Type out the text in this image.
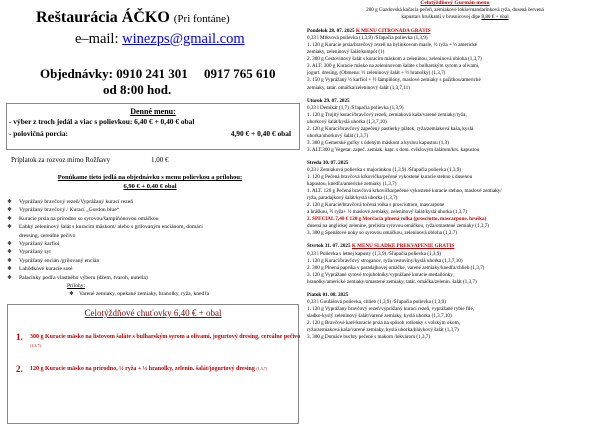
Reštaurácia ÁČKO (Pri fontáne)
e–mail: winezps@gmail.com
Objednávky: 0910 241 301     0917 765 610
od 8:00 hod.
Denné menu:
- výber z troch jedál a viac s polievkou: 6,40 € + 0,40 € obal
- polovičná porcia:	4,90 € + 0,40 € obal
Príplatok za rozvoz mimo Rožňavy	1,00 €
Ponúkame tieto jedlá na objednávku s menu polievkou a prílohou:
6,90 € + 0,40 € obal
❖ Vyprážaný bravčový rezeň/Vyprážaný kurací rezeň
❖ Vyprážaný bravčový / Kurací „Gordon blue“
❖ Kuracie prsia na prírodno so syrovou/šampiňónovou omáčkou
❖ Ľahký zeleninový šalát s kuracím mäskom/ alebo s grilovaným enciánom, domácí
dressing, cereálne pečivo
❖ Vyprážaný karfiol
❖ Vyprážaný syr
❖ Vyprážaný encián /grilovaný encián
❖ Lahôdkové kuracie soté
❖ Palacinky podľa vlastného výberu (džem, tvaroh, nutella)
Prílohy:
❖ Varené zemiaky, opekané zemiaky, hranolky, ryža, knedľa
Celotýždňové chuťovky 6,40 € + obal
1. 300 g Kuracie mäsko na listovom šaláte s bulharským syrom a olivami, jogurtový dresing, cereálne pečivo (1,3,7)
2. 120 g Kuracie mäsko na prírodno, ½ ryža + ½ hranolky, zelenin. šalát/jogurtový dresing (1,3,7)
Celotýždňový Gurmán menu
200 g Gazdovská kačacia pečeň, zemiakové lokše/mandarínková ryža, dusená červená
kapusta/s hruškami v brusnicovej dipe 8,80 € + obal
Pondelok 28. 07. 2025 K MENU CITRONÁDA GRÁTIS
0,33 l Mrkvová polievka (1,3,9) /Šľapačia polievka (1,3,9)
1. 120 g Kuracie prsia/bravčový rezeň na bylinkovom masle, ½ ryža + ½ americké
zemiaky, zeleninový šalát/kompót (1)
2. 300 g Cestovinový šalát s kuracím mäskom a zeleninou, zeleninová obloha (1,3,7)
3. ALT: 300 g Kuracie mäsko na zeleninovom šaláte s bulharským syrom a olivami,
jogurt. dresing, (Obmena: ½ zeleninový šalát + ½ hranolky) (1,3,7)
3. 150 g Vyprážaný ½ karfiol + ½ šampiňóny, maslové zemiaky s pažítkou/americké
zemiaky, tatár. omáčka/zeleninový šalát (1,3,7,11)
Utorok 29. 07. 2025
0,33 l Demikát (1,7) /Šľapačia polievka (1,3,9)
1. 120 g Trojitý kurací/bravčový rezeň, zemiaková kaša/varené zemiaky/ryža,
uhorkový šalát/kyslá uhorka (1,3,7,10)
2. 120 g Kurací/bravčový zapečený pastierky plátok, ryža/zemiaková kaša, kyslá
uhorka/uhorkový šalát (1,3,7)
3. 300 g Gemerské guľky s údeným mäskom a kyslou kapustou (1,3)
3. ALT.300 g Vegetar. zapeč. zemiak. kapr. s dom. cviklovým šalátom/krs. kapustou
Streda 30. 07. 2025
0,33 l Zemiaková polievka s majoránkou (1,3,9) /Šľapačia polievka (1,3,9)
1. 120 g Pečená bravčová krkovička/pečené vykostené kuracie stehno s dusenou
kapustou, knedľa/americké zemiaky (1,3,7)
1. ALT. 120 g Pečená bravčová krkovička/pečené vykostené kuracie stehno, maslové zemiaky/
ryža, paradajkový šalát/kyslá uhorka (1,3,7)
2. 120 g Kuracie/bravčová točená rolka s prosciuttom, mascarpone
a hráškou, ½ ryža+ ½ maslové zemiaky, zeleninový šalát/kyslá uhorka (1,3,7)
2. ŠPECIÁL 7,40 € 120 g Morčacia plnená rolka (prosciutto, mascarpone, hruška)
dusená na anglickej zelenine, prelisita syrovou omáčkou, ryža/omastené zemiaky (1,3,7)
3. 300 g Špenátové noky so syrovou omáčkou, zeleninová obloha (1,3,7)
Štvrtok 31. 07. 2025 K MENU SLADKÉ PREKVAPENIE GRÁTIS
0,33 l Polievka s letnej kapusty (1,3,9) /Šľapačia polievka (1,3,9)
1. 120 g Kurací/bravčový stroganov, ryža/cestoviny/kyslá uhorka (1,3,7,10)
2. 300 g Plnená paprika v paradajkovej omáčke, varené zemiaky/knedľa/chlieb (1,3,7)
3. 120 g Vyprážané syrové trojuholníky/vyprážané kuracie medailónky,
hranolky/americké zemiaky/omastené zemiaky, tatár. omáčka/zelenin. šalát (1,3,7)
Piatok 01. 08. 2025
0,33 l Goulášová polievka, chlieb (1,3,9) /Šľapačia polievka (1,3,9)
1. 120 g Vyprážaný bravčový rezeň/vyprážaný kurací rezeň, vyprážané rybie filé,
sladko-kyslý zeleninový šalát/varené zemiaky, kyslá uhorka (1,3,7,10)
2. 120 g Bravčové karé/kuracie prsia na spôsob rotšenky s volským okom,
ryža/zemiaková kaša/varené zemiaky, kyslá uhorka/hlávkový šalát (1,3,7)
3. 300 g Domáce buchty pečené s makom /lekvárom (1,3,7)
